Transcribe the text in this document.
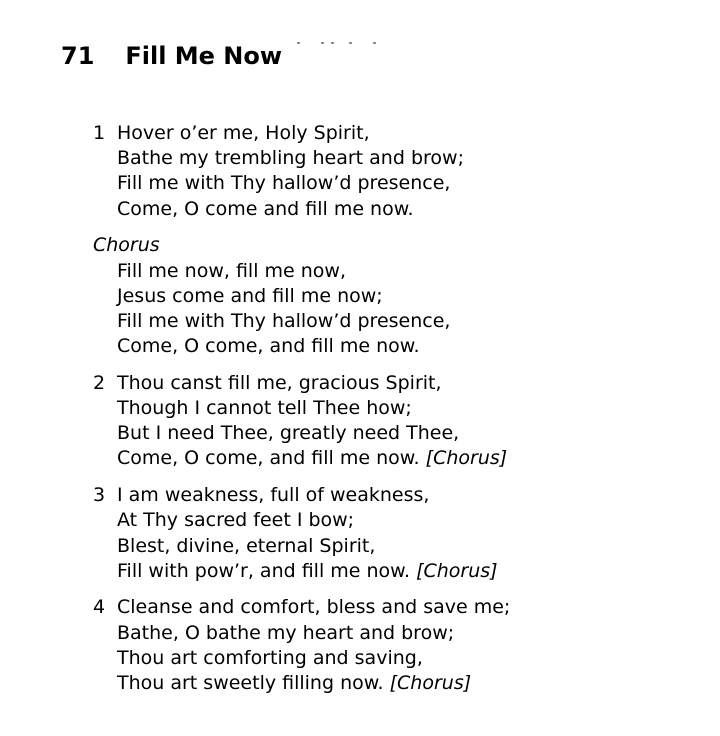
71 Fill Me Now
1 Hover o’er me, Holy Spirit,
Bathe my trembling heart and brow;
Fill me with Thy hallow’d presence,
Come, O come and fill me now.
Chorus
Fill me now, fill me now,
Jesus come and fill me now;
Fill me with Thy hallow’d presence,
Come, O come, and fill me now.
2 Thou canst fill me, gracious Spirit,
Though I cannot tell Thee how;
But I need Thee, greatly need Thee,
Come, O come, and fill me now. [Chorus]
3 I am weakness, full of weakness,
At Thy sacred feet I bow;
Blest, divine, eternal Spirit,
Fill with pow’r, and fill me now. [Chorus]
4 Cleanse and comfort, bless and save me;
Bathe, O bathe my heart and brow;
Thou art comforting and saving,
Thou art sweetly filling now. [Chorus]
